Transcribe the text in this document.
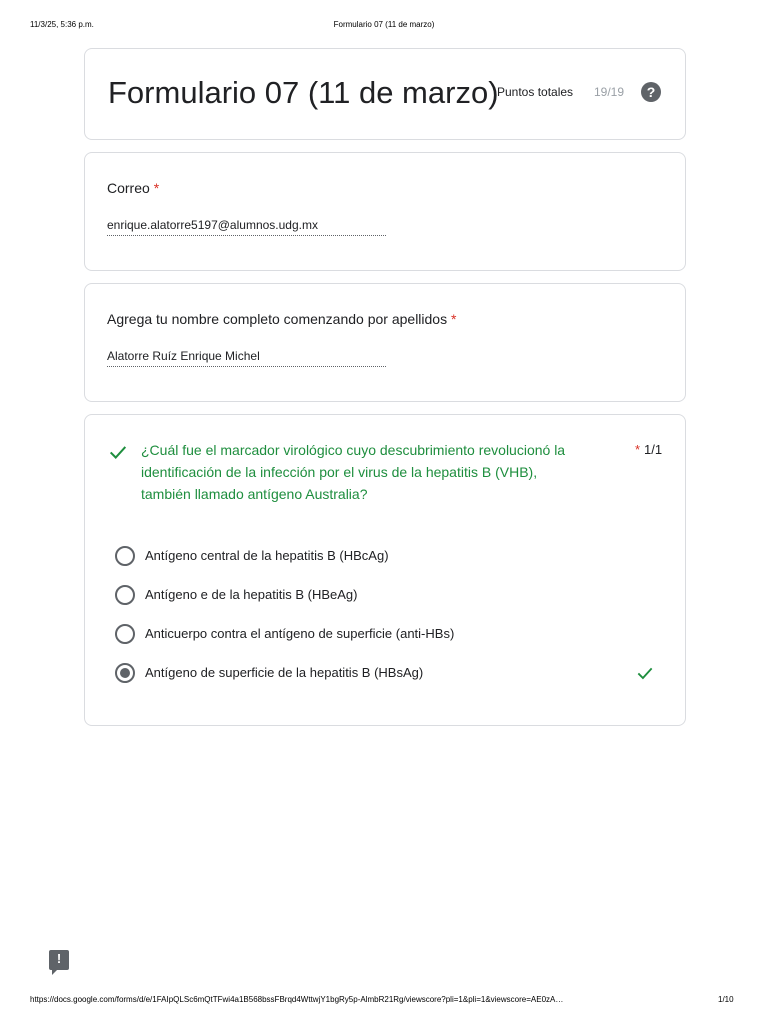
11/3/25, 5:36 p.m.	Formulario 07 (11 de marzo)
Formulario 07 (11 de marzo)
Puntos totales 19/19	?
Correo *
enrique.alatorre5197@alumnos.udg.mx
Agrega tu nombre completo comenzando por apellidos *
Alatorre Ruíz Enrique Michel
¿Cuál fue el marcador virológico cuyo descubrimiento revolucionó la identificación de la infección por el virus de la hepatitis B (VHB), también llamado antígeno Australia?
* 1/1
Antígeno central de la hepatitis B (HBcAg)
Antígeno e de la hepatitis B (HBeAg)
Anticuerpo contra el antígeno de superficie (anti-HBs)
Antígeno de superficie de la hepatitis B (HBsAg)
!
https://docs.google.com/forms/d/e/1FAIpQLSc6mQtTFwi4a1B568bssFBrqd4WttwjY1bgRy5p-AlmbR21Rg/viewscore?pli=1&pli=1&viewscore=AE0zA…	1/10
